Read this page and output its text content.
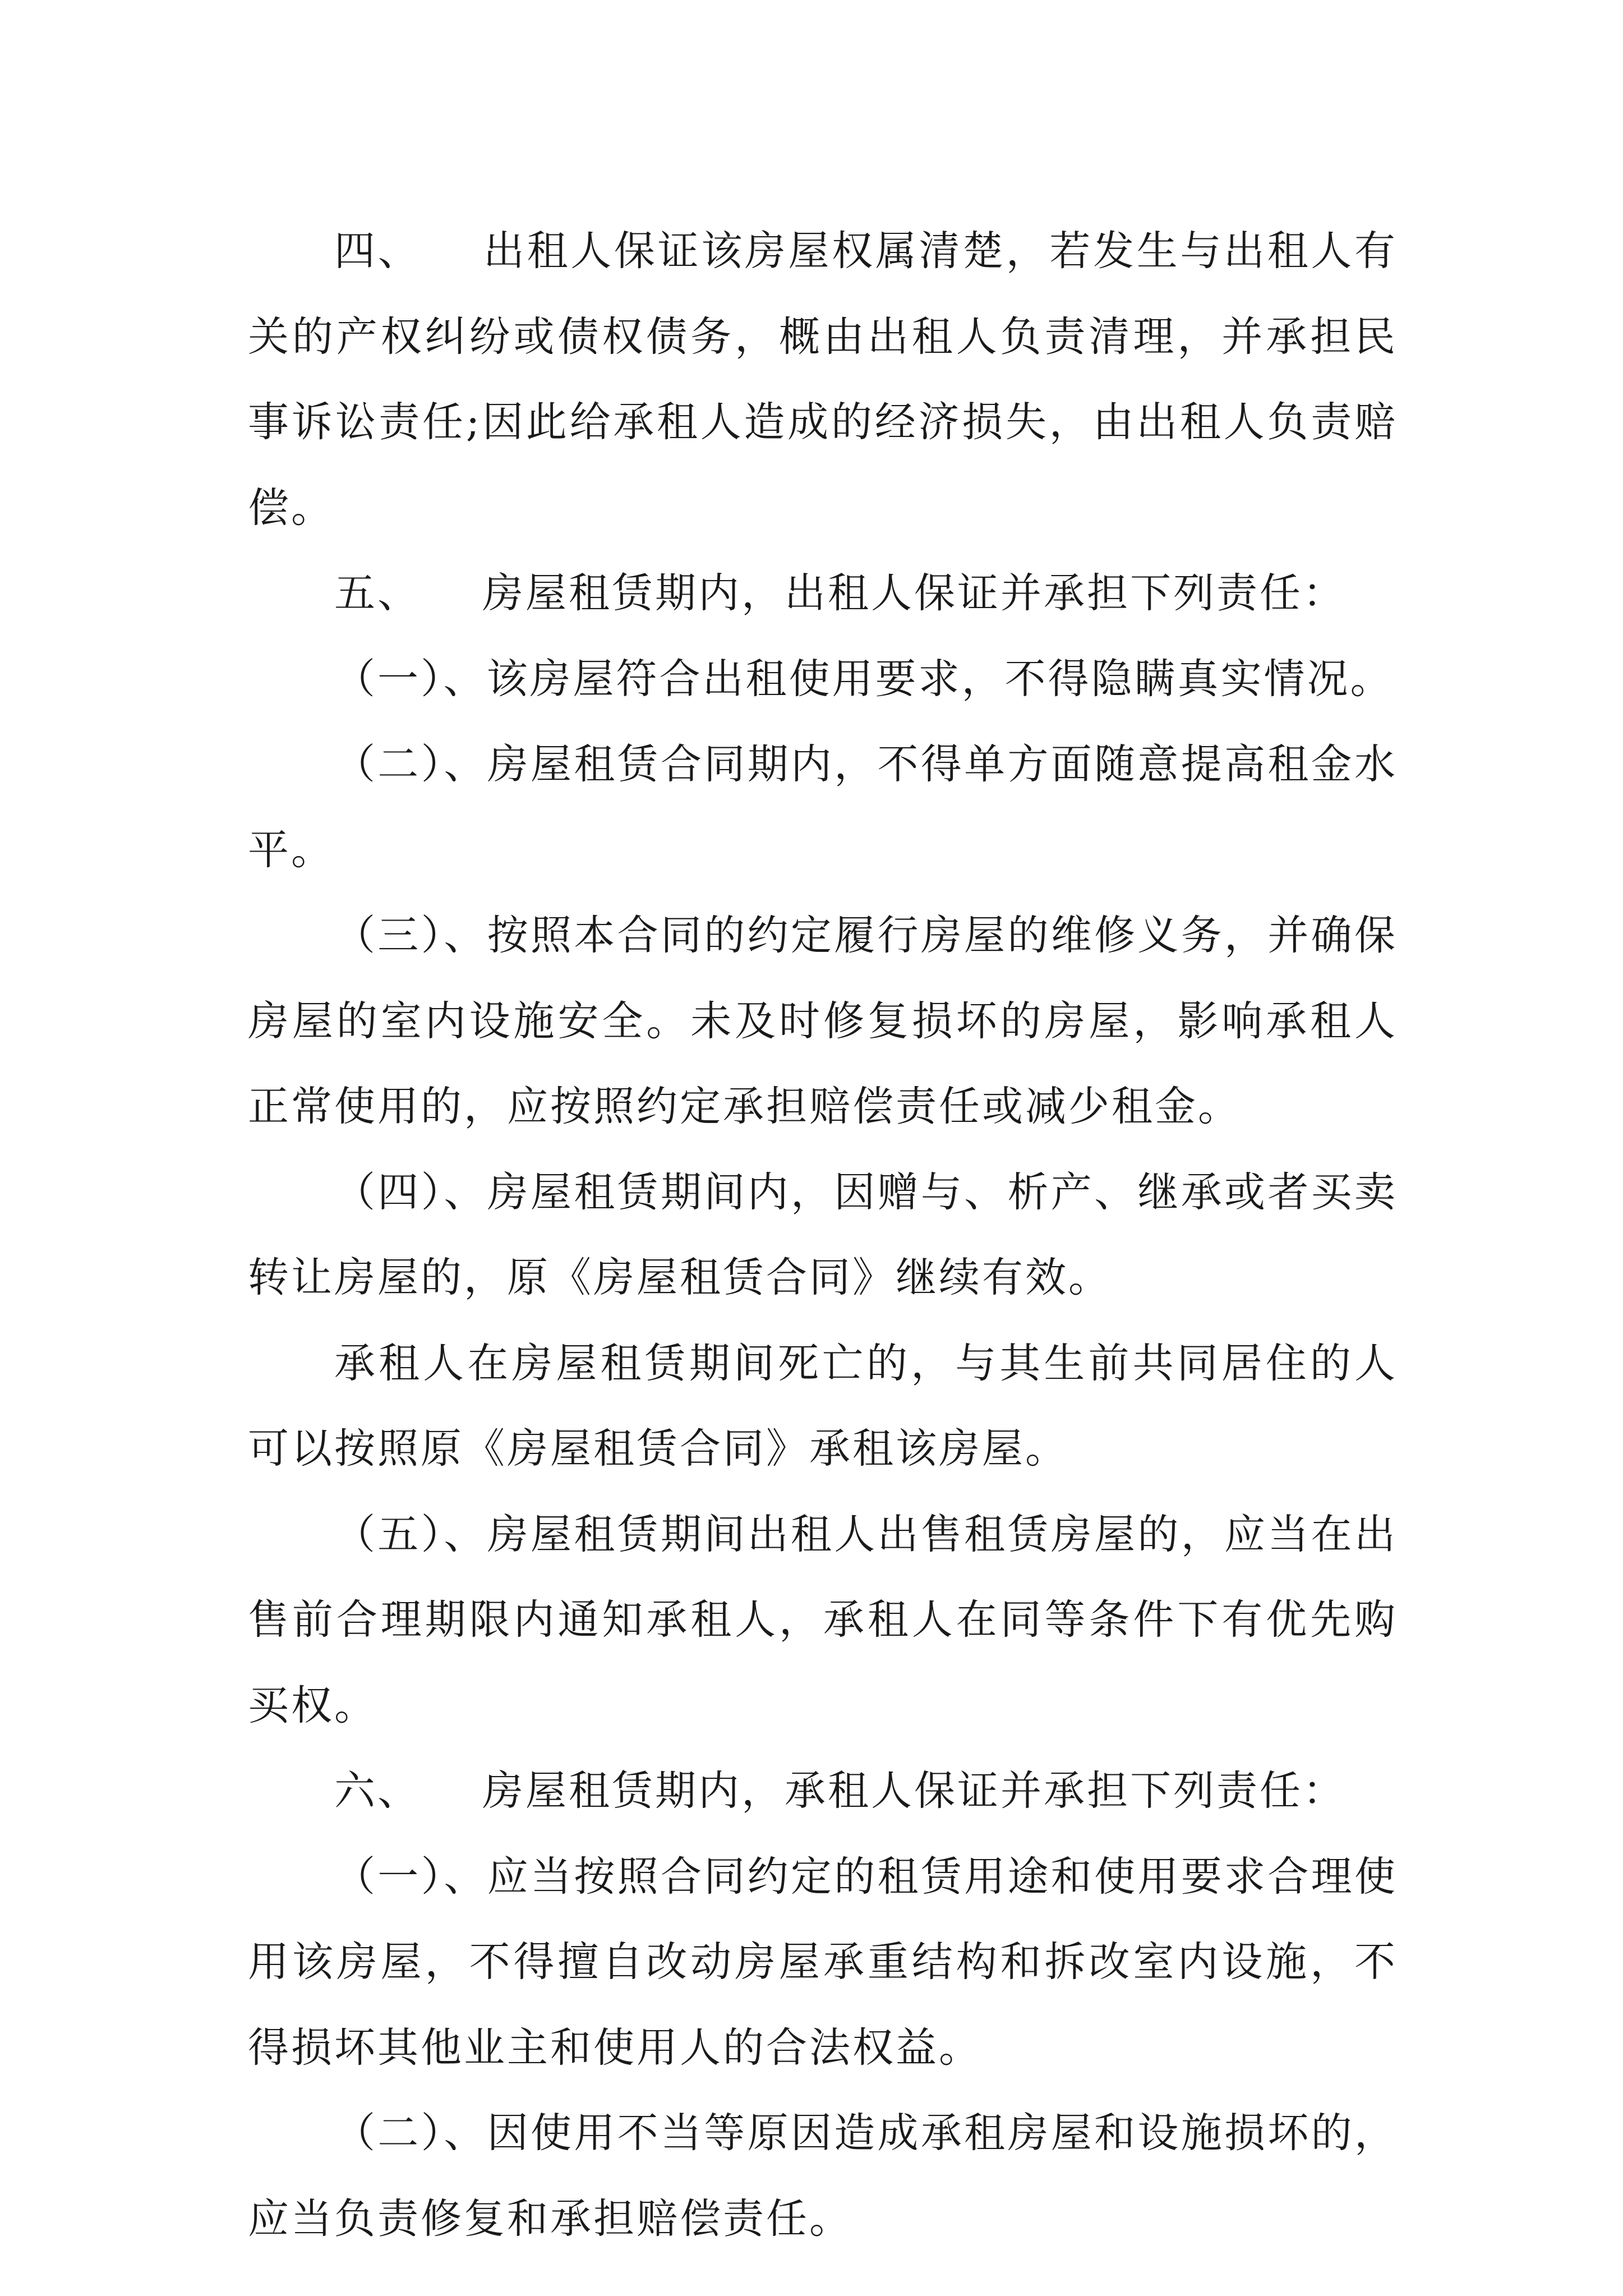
四、 出租人保证该房屋权属清楚，若发生与出租人有关的产权纠纷或债权债务，概由出租人负责清理，并承担民事诉讼责任;因此给承租人造成的经济损失，由出租人负责赔偿。

五、 房屋租赁期内，出租人保证并承担下列责任：

（一）、该房屋符合出租使用要求，不得隐瞒真实情况。

（二）、房屋租赁合同期内，不得单方面随意提高租金水平。

（三）、按照本合同的约定履行房屋的维修义务，并确保房屋的室内设施安全。未及时修复损坏的房屋，影响承租人正常使用的，应按照约定承担赔偿责任或减少租金。

（四）、房屋租赁期间内，因赠与、析产、继承或者买卖转让房屋的，原《房屋租赁合同》继续有效。

承租人在房屋租赁期间死亡的，与其生前共同居住的人可以按照原《房屋租赁合同》承租该房屋。

（五）、房屋租赁期间出租人出售租赁房屋的，应当在出售前合理期限内通知承租人，承租人在同等条件下有优先购买权。

六、 房屋租赁期内，承租人保证并承担下列责任：

（一）、应当按照合同约定的租赁用途和使用要求合理使用该房屋，不得擅自改动房屋承重结构和拆改室内设施，不得损坏其他业主和使用人的合法权益。

（二）、因使用不当等原因造成承租房屋和设施损坏的，应当负责修复和承担赔偿责任。
